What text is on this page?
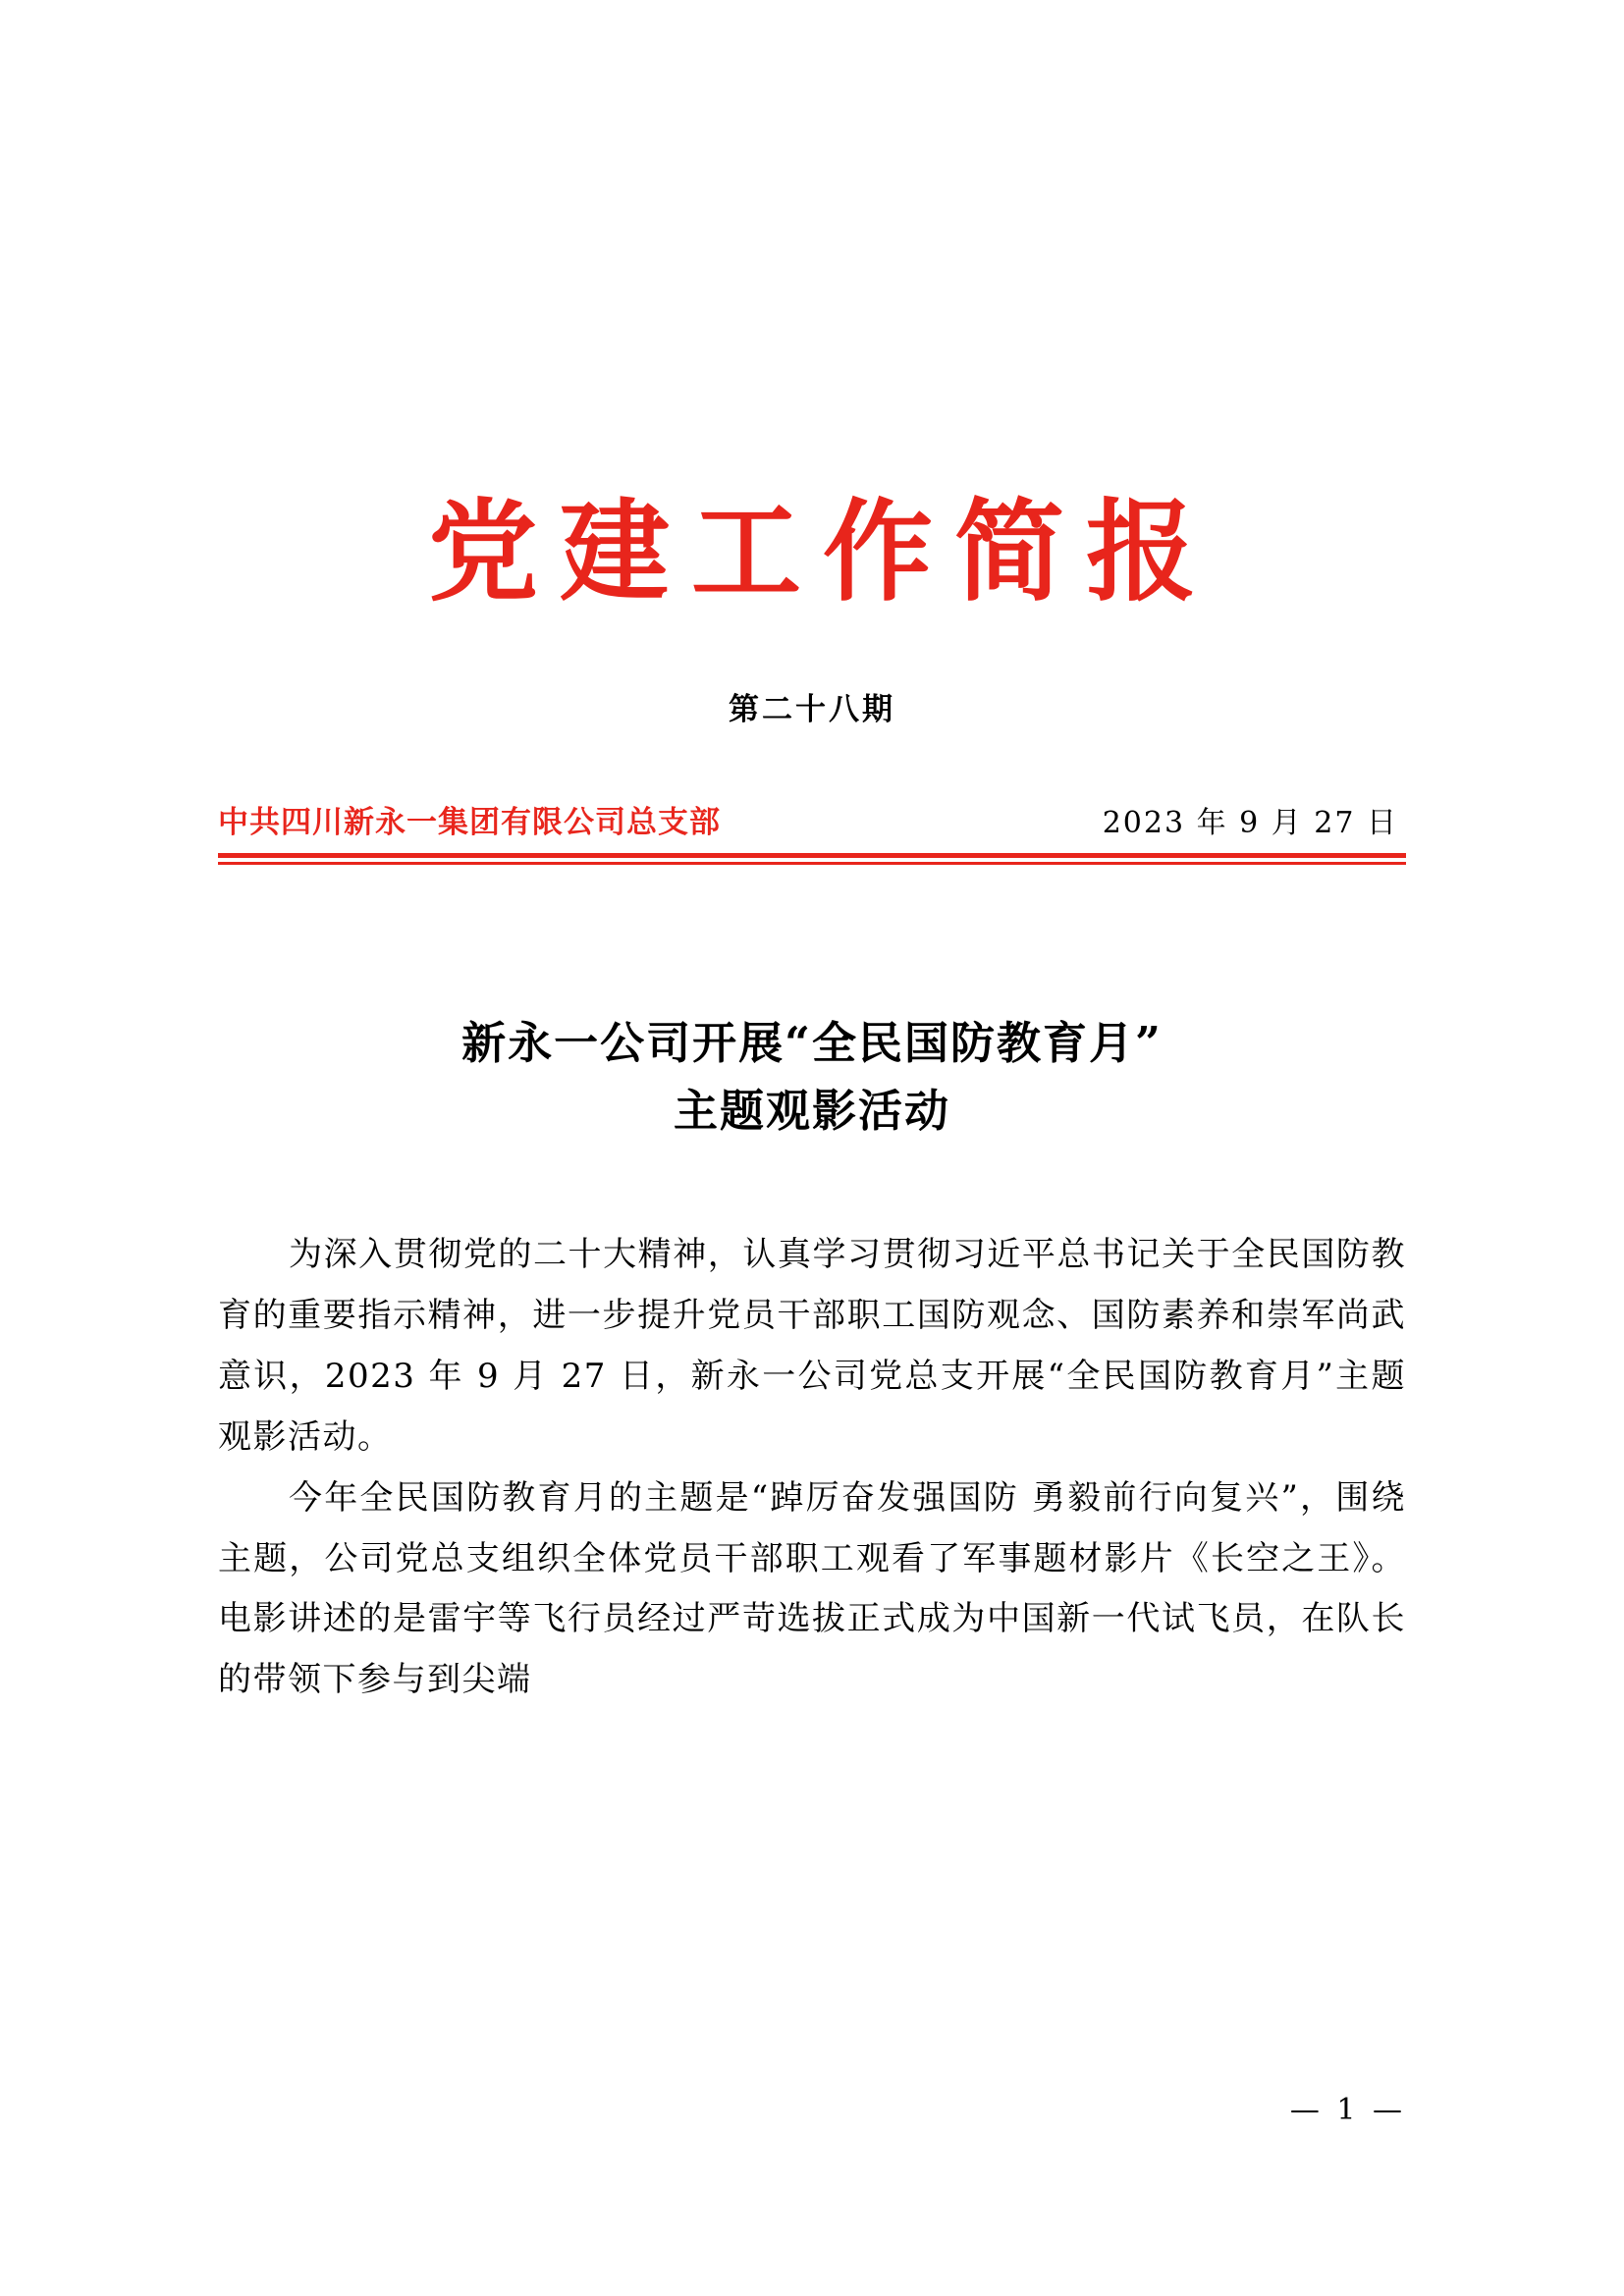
党建工作简报
第二十八期
中共四川新永一集团有限公司总支部	2023 年 9 月 27 日
新永一公司开展“全民国防教育月”
主题观影活动

为深入贯彻党的二十大精神，认真学习贯彻习近平总书记关于全民国防教育的重要指示精神，进一步提升党员干部职工国防观念、国防素养和崇军尚武意识，2023 年 9 月 27 日，新永一公司党总支开展“全民国防教育月”主题观影活动。

今年全民国防教育月的主题是“踔厉奋发强国防 勇毅前行向复兴”，围绕主题，公司党总支组织全体党员干部职工观看了军事题材影片《长空之王》。电影讲述的是雷宇等飞行员经过严苛选拔正式成为中国新一代试飞员，在队长的带领下参与到尖端

— 1 —
